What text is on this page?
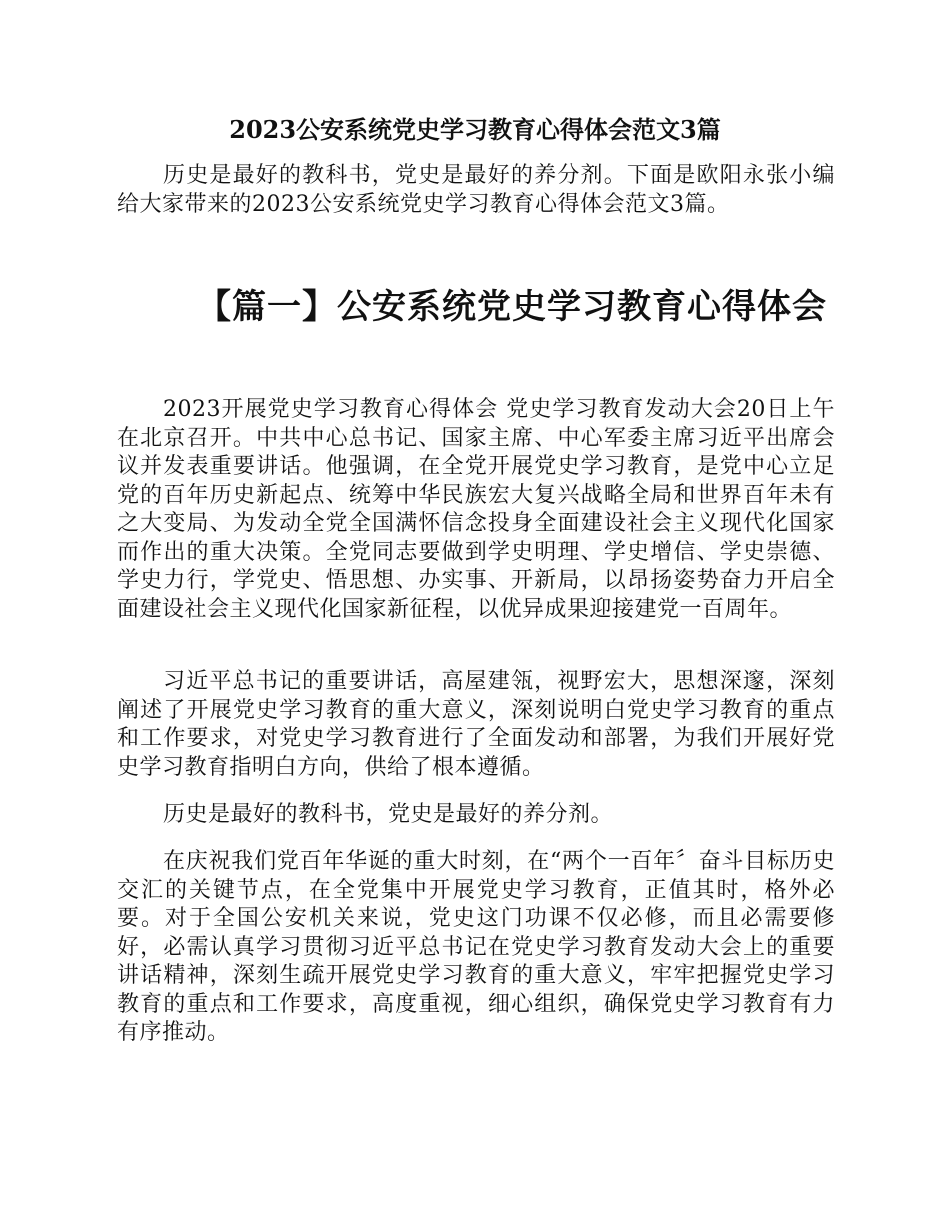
2023公安系统党史学习教育心得体会范文3篇

历史是最好的教科书，党史是最好的养分剂。下面是欧阳永张小编给大家带来的2023公安系统党史学习教育心得体会范文3篇。

【篇一】公安系统党史学习教育心得体会

2023开展党史学习教育心得体会 党史学习教育发动大会20日上午在北京召开。中共中心总书记、国家主席、中心军委主席习近平出席会议并发表重要讲话。他强调，在全党开展党史学习教育，是党中心立足党的百年历史新起点、统筹中华民族宏大复兴战略全局和世界百年未有之大变局、为发动全党全国满怀信念投身全面建设社会主义现代化国家而作出的重大决策。全党同志要做到学史明理、学史增信、学史崇德、学史力行，学党史、悟思想、办实事、开新局，以昂扬姿势奋力开启全面建设社会主义现代化国家新征程，以优异成果迎接建党一百周年。

习近平总书记的重要讲话，高屋建瓴，视野宏大，思想深邃，深刻阐述了开展党史学习教育的重大意义，深刻说明白党史学习教育的重点和工作要求，对党史学习教育进行了全面发动和部署，为我们开展好党史学习教育指明白方向，供给了根本遵循。

历史是最好的教科书，党史是最好的养分剂。

在庆祝我们党百年华诞的重大时刻，在“两个一百年〞奋斗目标历史交汇的关键节点，在全党集中开展党史学习教育，正值其时，格外必要。对于全国公安机关来说，党史这门功课不仅必修，而且必需要修好，必需认真学习贯彻习近平总书记在党史学习教育发动大会上的重要讲话精神，深刻生疏开展党史学习教育的重大意义，牢牢把握党史学习教育的重点和工作要求，高度重视，细心组织，确保党史学习教育有力有序推动。
